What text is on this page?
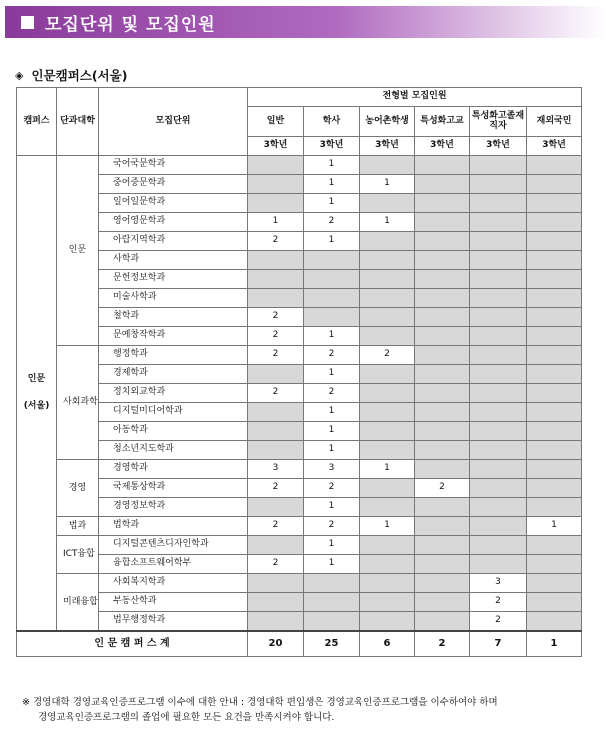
모집단위 및 모집인원
◈ 인문캠퍼스(서울)
캠퍼스	단과대학	모집단위	전형별 모집인원					
			일반	학사	농어촌학생	특성화고교	특성화고졸재직자	재외국민
			3학년	3학년	3학년	3학년	3학년	3학년

인문
(서울)	인문	국어국문학과		1				
		중어중문학과		1	1			
		일어일문학과		1				
		영어영문학과	1	2	1			
		아랍지역학과	2	1				
		사학과						
		문헌정보학과						
		미술사학과						
		철학과	2					
		문예창작학과	2	1				
	사회과학	행정학과	2	2	2			
		경제학과		1				
		정치외교학과	2	2				
		디지털미디어학과		1				
		아동학과		1				
		청소년지도학과		1				
	경영	경영학과	3	3	1			
		국제통상학과	2	2		2		
		경영정보학과		1				
	법과	법학과	2	2	1			1
	ICT융합	디지털콘텐츠디자인학과		1				
		융합소프트웨어학부	2	1				
	미래융합	사회복지학과					3	
		부동산학과					2	
		법무행정학과					2	
인 문 캠 퍼 스 계			20	25	6	2	7	1
※ 경영대학 경영교육인증프로그램 이수에 대한 안내 : 경영대학 편입생은 경영교육인증프로그램을 이수하여야 하며
경영교육인증프로그램의 졸업에 필요한 모든 요건을 만족시켜야 합니다.
